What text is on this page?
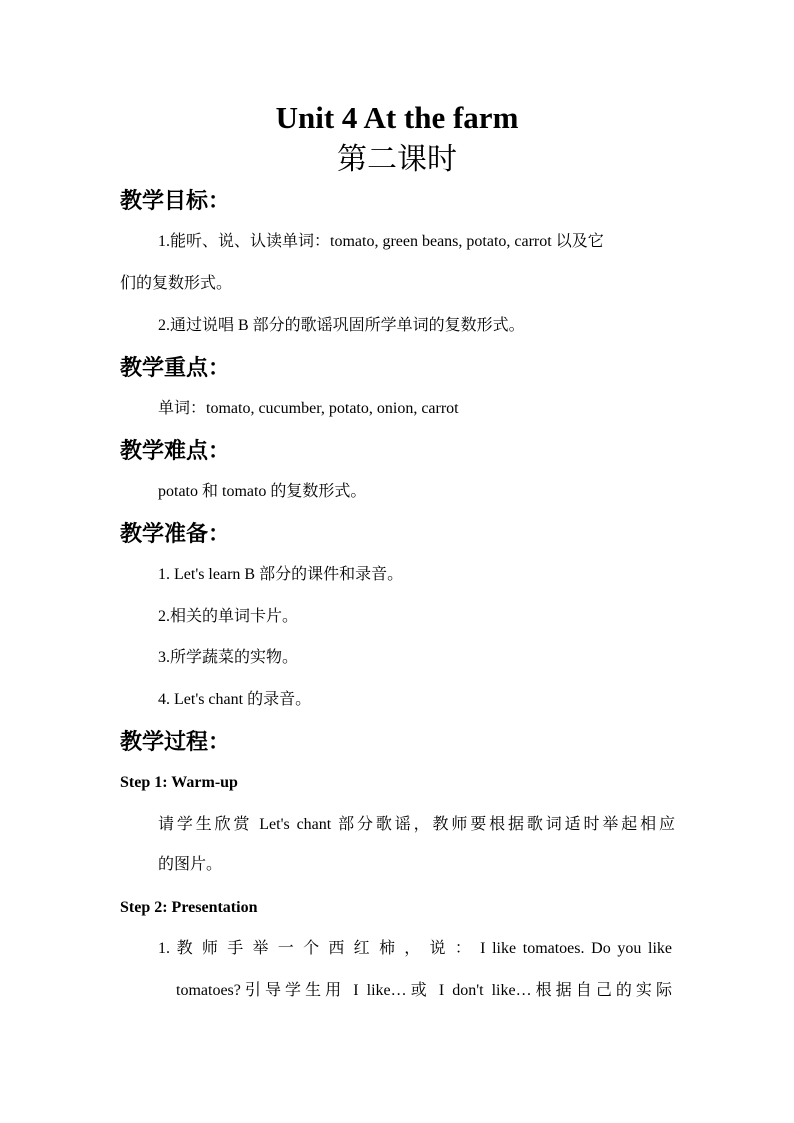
Unit 4 At the farm
第二课时
教学目标：
1.能听、说、认读单词：tomato, green beans, potato, carrot 以及它
们的复数形式。
2.通过说唱 B 部分的歌谣巩固所学单词的复数形式。
教学重点：
单词：tomato, cucumber, potato, onion, carrot
教学难点：
potato 和 tomato 的复数形式。
教学准备：
1. Let's learn B 部分的课件和录音。
2.相关的单词卡片。
3.所学蔬菜的实物。
4. Let's chant 的录音。
教学过程：
Step 1: Warm-up
请学生欣赏 Let's chant 部分歌谣，教师要根据歌词适时举起相应
的图片。
Step 2: Presentation
1. 教 师 手 举 一 个 西 红 柿 ， 说 ： I like tomatoes. Do you like
tomatoes?引导学生用 I like…或 I don't like…根据自己的实际
